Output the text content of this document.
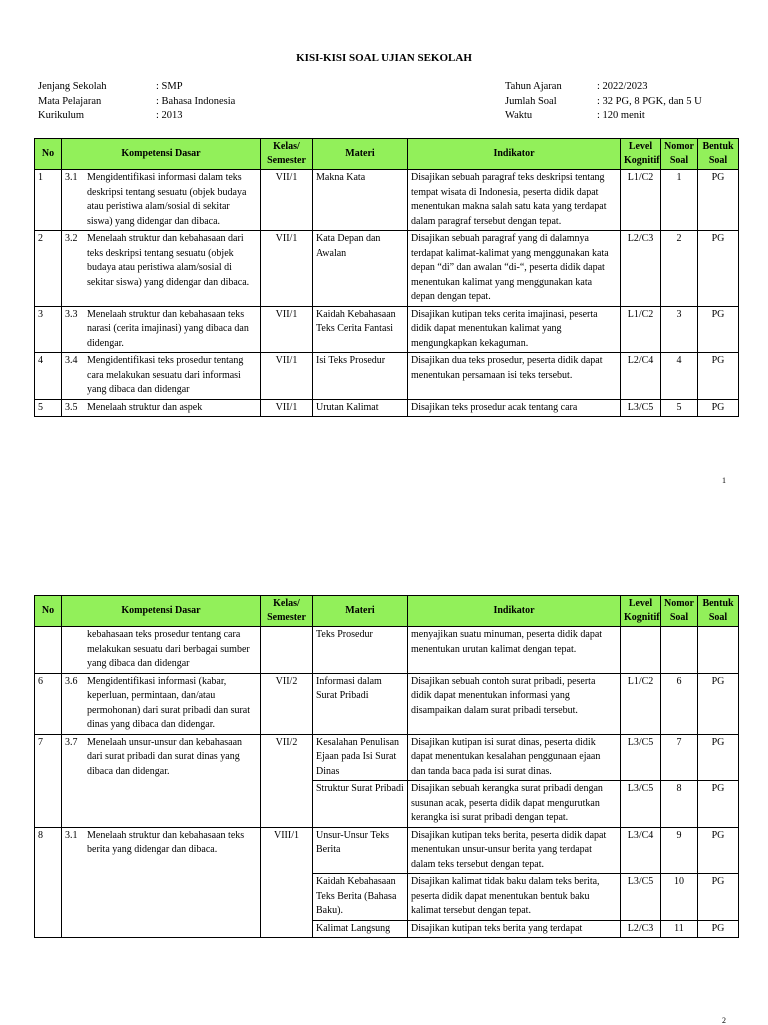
KISI-KISI SOAL UJIAN SEKOLAH
Jenjang Sekolah	: SMP
Mata Pelajaran	: Bahasa Indonesia
Kurikulum	: 2013
Tahun Ajaran	: 2022/2023
Jumlah Soal	: 32 PG, 8 PGK, dan 5 U
Waktu	: 120 menit
No	Kompetensi Dasar	Kelas/ Semester	Materi	Indikator	Level Kognitif	Nomor Soal	Bentuk Soal
1	3.1 Mengidentifikasi informasi dalam teks deskripsi tentang sesuatu (objek budaya atau peristiwa alam/sosial di sekitar siswa) yang didengar dan dibaca.	VII/1	Makna Kata	Disajikan sebuah paragraf teks deskripsi tentang tempat wisata di Indonesia, peserta didik dapat menentukan makna salah satu kata yang terdapat dalam paragraf tersebut dengan tepat.	L1/C2	1	PG
2	3.2 Menelaah struktur dan kebahasaan dari teks deskripsi tentang sesuatu (objek budaya atau peristiwa alam/sosial di sekitar siswa) yang didengar dan dibaca.	VII/1	Kata Depan dan Awalan	Disajikan sebuah paragraf yang di dalamnya terdapat kalimat-kalimat yang menggunakan kata depan “di” dan awalan “di-“, peserta didik dapat menentukan kalimat yang menggunakan kata depan dengan tepat.	L2/C3	2	PG
3	3.3 Menelaah struktur dan kebahasaan teks narasi (cerita imajinasi) yang dibaca dan didengar.	VII/1	Kaidah Kebahasaan Teks Cerita Fantasi	Disajikan kutipan teks cerita imajinasi, peserta didik dapat menentukan kalimat yang mengungkapkan kekaguman.	L1/C2	3	PG
4	3.4 Mengidentifikasi teks prosedur tentang cara melakukan sesuatu dari informasi yang dibaca dan didengar	VII/1	Isi Teks Prosedur	Disajikan dua teks prosedur, peserta didik dapat menentukan persamaan isi teks tersebut.	L2/C4	4	PG
5	3.5 Menelaah struktur dan aspek	VII/1	Urutan Kalimat	Disajikan teks prosedur acak tentang cara	L3/C5	5	PG
1
No	Kompetensi Dasar	Kelas/ Semester	Materi	Indikator	Level Kognitif	Nomor Soal	Bentuk Soal
	kebahasaan teks prosedur tentang cara melakukan sesuatu dari berbagai sumber yang dibaca dan didengar		Teks Prosedur	menyajikan suatu minuman, peserta didik dapat menentukan urutan kalimat dengan tepat.			
6	3.6 Mengidentifikasi informasi (kabar, keperluan, permintaan, dan/atau permohonan) dari surat pribadi dan surat dinas yang dibaca dan didengar.	VII/2	Informasi dalam Surat Pribadi	Disajikan sebuah contoh surat pribadi, peserta didik dapat menentukan informasi yang disampaikan dalam surat pribadi tersebut.	L1/C2	6	PG
7	3.7 Menelaah unsur-unsur dan kebahasaan dari surat pribadi dan surat dinas yang dibaca dan didengar.	VII/2	Kesalahan Penulisan Ejaan pada Isi Surat Dinas	Disajikan kutipan isi surat dinas, peserta didik dapat menentukan kesalahan penggunaan ejaan dan tanda baca pada isi surat dinas.	L3/C5	7	PG
			Struktur Surat Pribadi	Disajikan sebuah kerangka surat pribadi dengan susunan acak, peserta didik dapat mengurutkan kerangka isi surat pribadi dengan tepat.	L3/C5	8	PG
8	3.1 Menelaah struktur dan kebahasaan teks berita yang didengar dan dibaca.	VIII/1	Unsur-Unsur Teks Berita	Disajikan kutipan teks berita, peserta didik dapat menentukan unsur-unsur berita yang terdapat dalam teks tersebut dengan tepat.	L3/C4	9	PG
			Kaidah Kebahasaan Teks Berita (Bahasa Baku).	Disajikan kalimat tidak baku dalam teks berita, peserta didik dapat menentukan bentuk baku kalimat tersebut dengan tepat.	L3/C5	10	PG
			Kalimat Langsung	Disajikan kutipan teks berita yang terdapat	L2/C3	11	PG
2
